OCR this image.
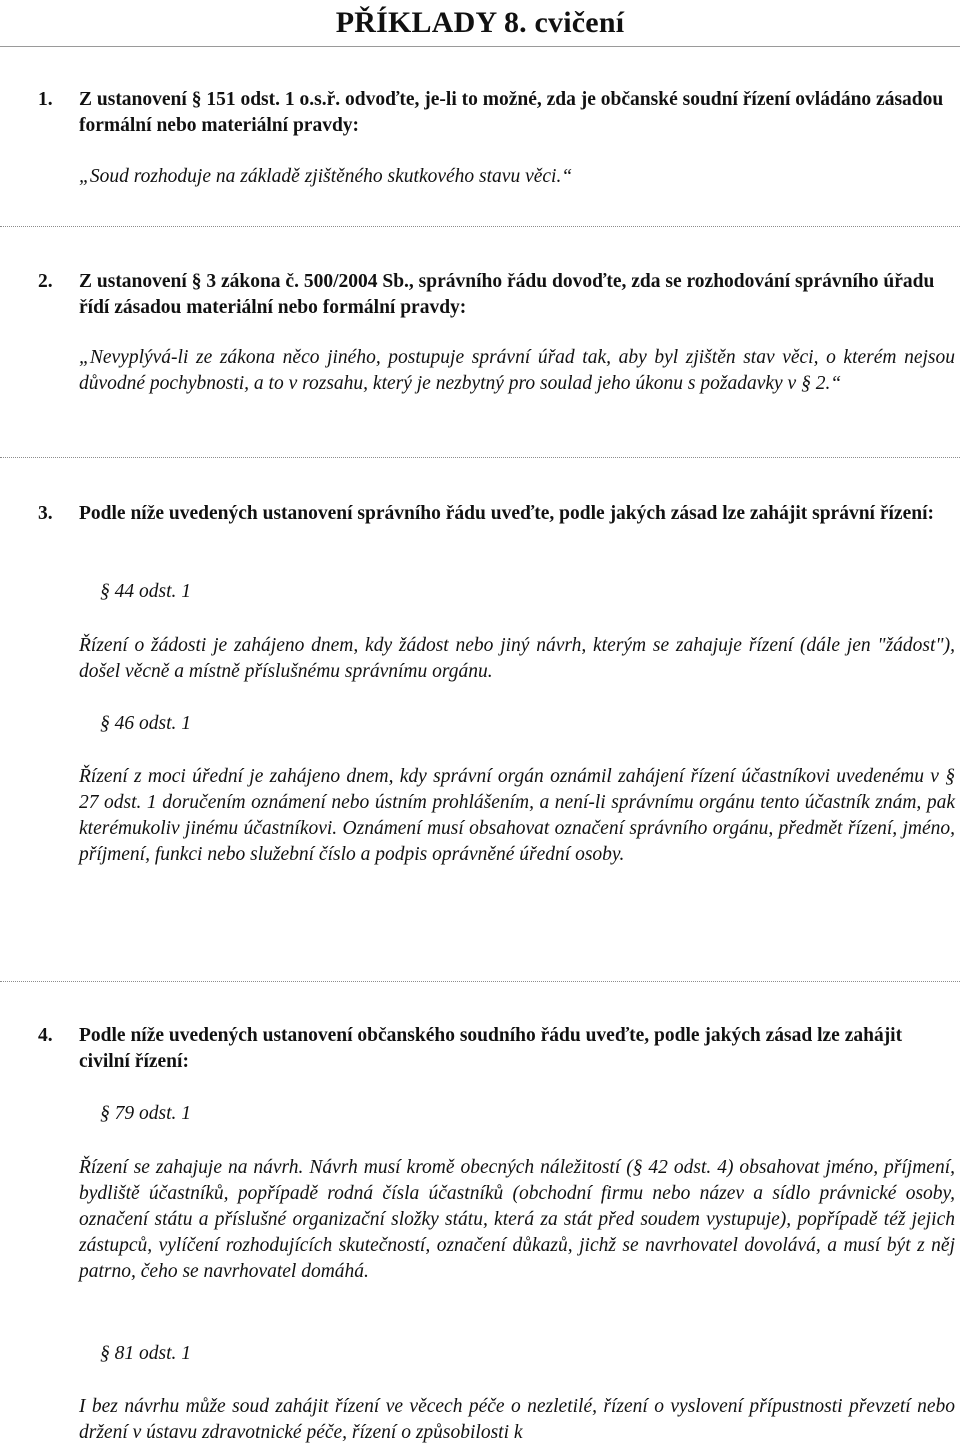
PŘÍKLADY 8. cvičení
1. Z ustanovení § 151 odst. 1 o.s.ř. odvoďte, je-li to možné, zda je občanské soudní řízení ovládáno zásadou formální nebo materiální pravdy:

„Soud rozhoduje na základě zjištěného skutkového stavu věci.“

2. Z ustanovení § 3 zákona č. 500/2004 Sb., správního řádu dovoďte, zda se rozhodování správního úřadu řídí zásadou materiální nebo formální pravdy:

„Nevyplývá-li ze zákona něco jiného, postupuje správní úřad tak, aby byl zjištěn stav věci, o kterém nejsou důvodné pochybnosti, a to v rozsahu, který je nezbytný pro soulad jeho úkonu s požadavky v § 2.“

3. Podle níže uvedených ustanovení správního řádu uveďte, podle jakých zásad lze zahájit správní řízení:

§ 44 odst. 1

Řízení o žádosti je zahájeno dnem, kdy žádost nebo jiný návrh, kterým se zahajuje řízení (dále jen "žádost"), došel věcně a místně příslušnému správnímu orgánu.

§ 46 odst. 1

Řízení z moci úřední je zahájeno dnem, kdy správní orgán oznámil zahájení řízení účastníkovi uvedenému v § 27 odst. 1 doručením oznámení nebo ústním prohlášením, a není-li správnímu orgánu tento účastník znám, pak kterémukoliv jinému účastníkovi. Oznámení musí obsahovat označení správního orgánu, předmět řízení, jméno, příjmení, funkci nebo služební číslo a podpis oprávněné úřední osoby.

4. Podle níže uvedených ustanovení občanského soudního řádu uveďte, podle jakých zásad lze zahájit civilní řízení:

§ 79 odst. 1

Řízení se zahajuje na návrh. Návrh musí kromě obecných náležitostí (§ 42 odst. 4) obsahovat jméno, příjmení, bydliště účastníků, popřípadě rodná čísla účastníků (obchodní firmu nebo název a sídlo právnické osoby, označení státu a příslušné organizační složky státu, která za stát před soudem vystupuje), popřípadě též jejich zástupců, vylíčení rozhodujících skutečností, označení důkazů, jichž se navrhovatel dovolává, a musí být z něj patrno, čeho se navrhovatel domáhá.

§ 81 odst. 1

I bez návrhu může soud zahájit řízení ve věcech péče o nezletilé, řízení o vyslovení přípustnosti převzetí nebo držení v ústavu zdravotnické péče, řízení o způsobilosti k
